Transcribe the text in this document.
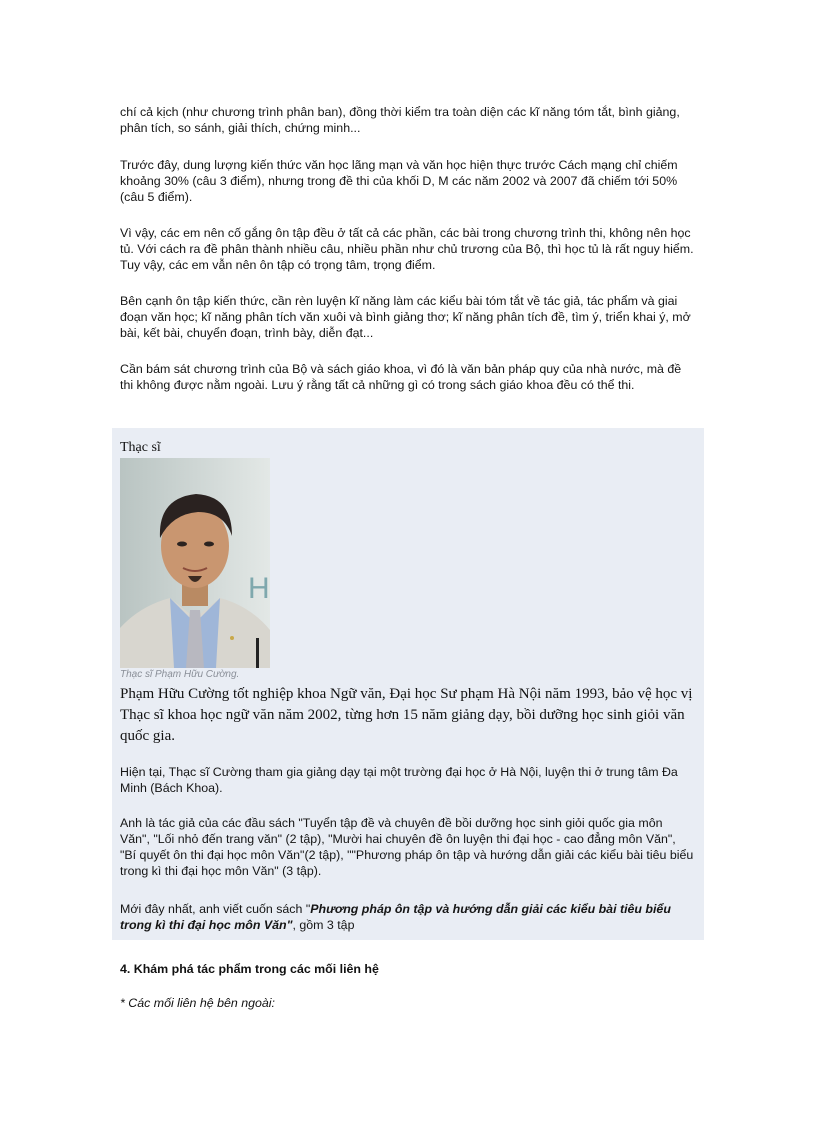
chí cả kịch (như chương trình phân ban), đồng thời kiểm tra toàn diện các kĩ năng tóm tắt, bình giảng, phân tích, so sánh, giải thích, chứng minh...

Trước đây, dung lượng kiến thức văn học lãng mạn và văn học hiện thực trước Cách mạng chỉ chiếm khoảng 30% (câu 3 điểm), nhưng trong đề thi của khối D, M các năm 2002 và 2007 đã chiếm tới 50% (câu 5 điểm).

Vì vậy, các em nên cố gắng ôn tập đều ở tất cả các phần, các bài trong chương trình thi, không nên học tủ. Với cách ra đề phân thành nhiều câu, nhiều phần như chủ trương của Bộ, thì học tủ là rất nguy hiểm. Tuy vậy, các em vẫn nên ôn tập có trọng tâm, trọng điểm.

Bên cạnh ôn tập kiến thức, cần rèn luyện kĩ năng làm các kiểu bài tóm tắt về tác giả, tác phẩm và giai đoạn văn học; kĩ năng phân tích văn xuôi và bình giảng thơ; kĩ năng phân tích đề, tìm ý, triển khai ý, mở bài, kết bài, chuyển đoạn, trình bày, diễn đạt...

Cần bám sát chương trình của Bộ và sách giáo khoa, vì đó là văn bản pháp quy của nhà nước, mà đề thi không được nằm ngoài. Lưu ý rằng tất cả những gì có trong sách giáo khoa đều có thể thi.

Thạc sĩ

H

Thạc sĩ Phạm Hữu Cường.

Phạm Hữu Cường tốt nghiệp khoa Ngữ văn, Đại học Sư phạm Hà Nội năm 1993, bảo vệ học vị Thạc sĩ khoa học ngữ văn năm 2002, từng hơn 15 năm giảng dạy, bồi dưỡng học sinh giỏi văn quốc gia.

Hiện tại, Thạc sĩ Cường tham gia giảng dạy tại một trường đại học ở Hà Nội, luyện thi ở trung tâm Đa Minh (Bách Khoa).

Anh là tác giả của các đầu sách "Tuyển tập đề và chuyên đề bồi dưỡng học sinh giỏi quốc gia môn Văn", "Lối nhỏ đến trang văn" (2 tập), "Mười hai chuyên đề ôn luyện thi đại học - cao đẳng môn Văn", "Bí quyết ôn thi đại học môn Văn"(2 tập), ""Phương pháp ôn tập và hướng dẫn giải các kiểu bài tiêu biểu trong kì thi đại học môn Văn" (3 tập).

Mới đây nhất, anh viết cuốn sách "Phương pháp ôn tập và hướng dẫn giải các kiểu bài tiêu biểu trong kì thi đại học môn Văn", gồm 3 tập

4. Khám phá tác phẩm trong các mối liên hệ

* Các mối liên hệ bên ngoài:
